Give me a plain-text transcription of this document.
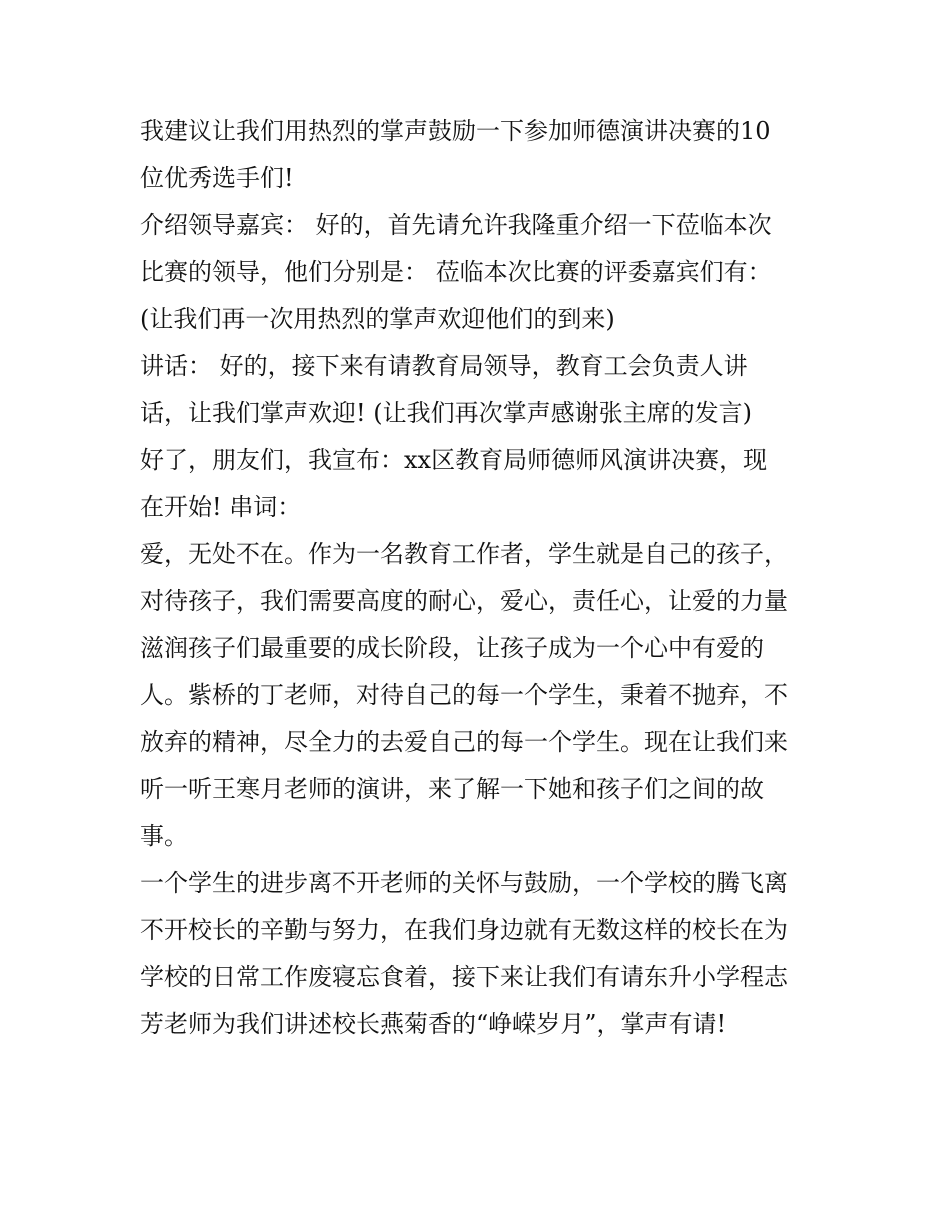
我建议让我们用热烈的掌声鼓励一下参加师德演讲决赛的10
位优秀选手们!
介绍领导嘉宾： 好的，首先请允许我隆重介绍一下莅临本次
比赛的领导，他们分别是： 莅临本次比赛的评委嘉宾们有：
(让我们再一次用热烈的掌声欢迎他们的到来)
讲话： 好的，接下来有请教育局领导，教育工会负责人讲
话，让我们掌声欢迎! (让我们再次掌声感谢张主席的发言)
好了，朋友们，我宣布：xx区教育局师德师风演讲决赛，现
在开始! 串词：
爱，无处不在。作为一名教育工作者，学生就是自己的孩子，
对待孩子，我们需要高度的耐心，爱心，责任心，让爱的力量
滋润孩子们最重要的成长阶段，让孩子成为一个心中有爱的
人。紫桥的丁老师，对待自己的每一个学生，秉着不抛弃，不
放弃的精神，尽全力的去爱自己的每一个学生。现在让我们来
听一听王寒月老师的演讲，来了解一下她和孩子们之间的故
事。
一个学生的进步离不开老师的关怀与鼓励，一个学校的腾飞离
不开校长的辛勤与努力，在我们身边就有无数这样的校长在为
学校的日常工作废寝忘食着，接下来让我们有请东升小学程志
芳老师为我们讲述校长燕菊香的“峥嵘岁月”，掌声有请!
